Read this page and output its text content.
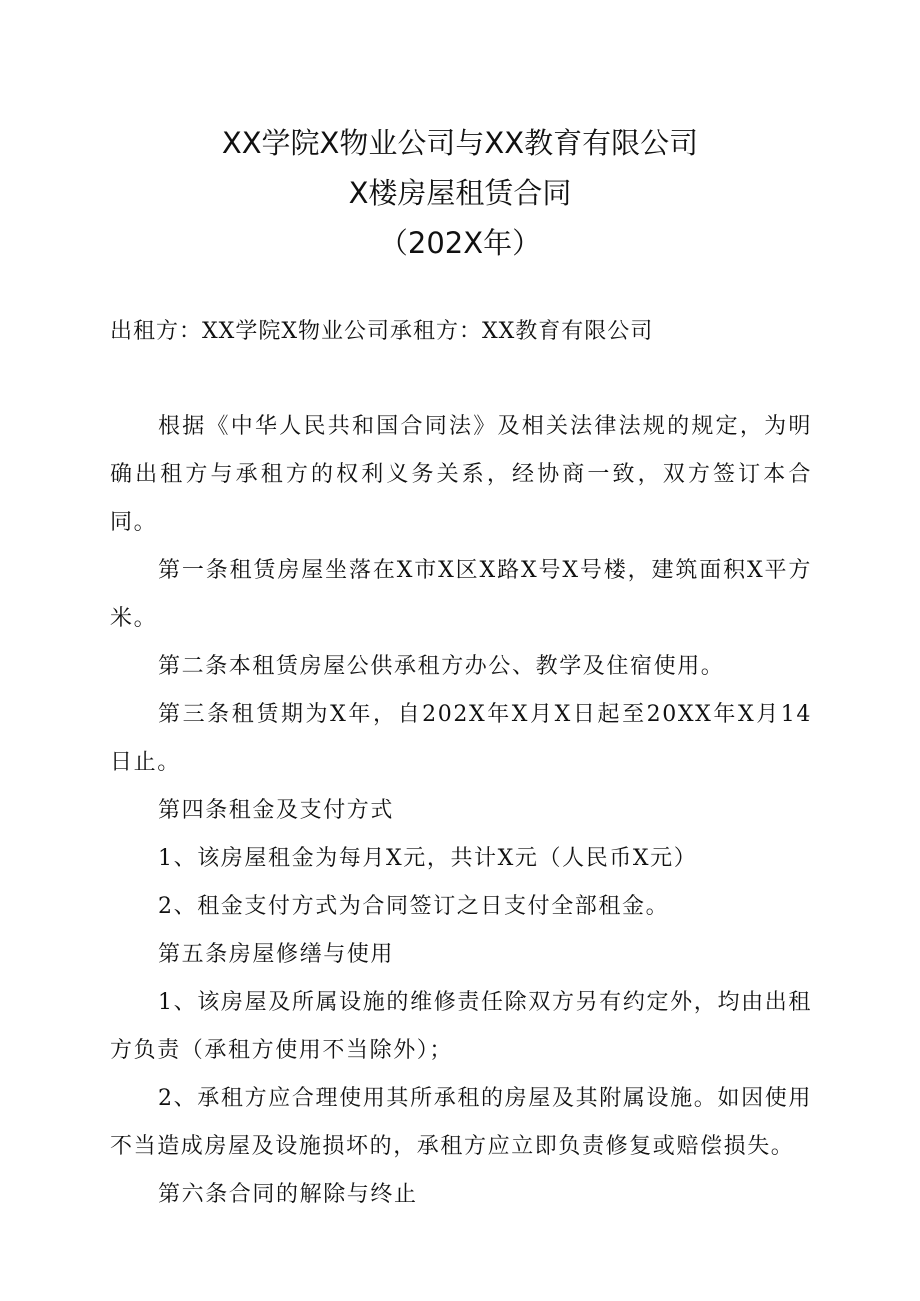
XX学院X物业公司与XX教育有限公司
X楼房屋租赁合同
（202X年）
出租方：XX学院X物业公司承租方：XX教育有限公司

根据《中华人民共和国合同法》及相关法律法规的规定，为明确出租方与承租方的权利义务关系，经协商一致，双方签订本合同。

第一条租赁房屋坐落在X市X区X路X号X号楼，建筑面积X平方米。

第二条本租赁房屋公供承租方办公、教学及住宿使用。

第三条租赁期为X年，自202X年X月X日起至20XX年X月14日止。

第四条租金及支付方式

1、该房屋租金为每月X元，共计X元（人民币X元）

2、租金支付方式为合同签订之日支付全部租金。

第五条房屋修缮与使用

1、该房屋及所属设施的维修责任除双方另有约定外，均由出租方负责（承租方使用不当除外）；

2、承租方应合理使用其所承租的房屋及其附属设施。如因使用不当造成房屋及设施损坏的，承租方应立即负责修复或赔偿损失。

第六条合同的解除与终止
